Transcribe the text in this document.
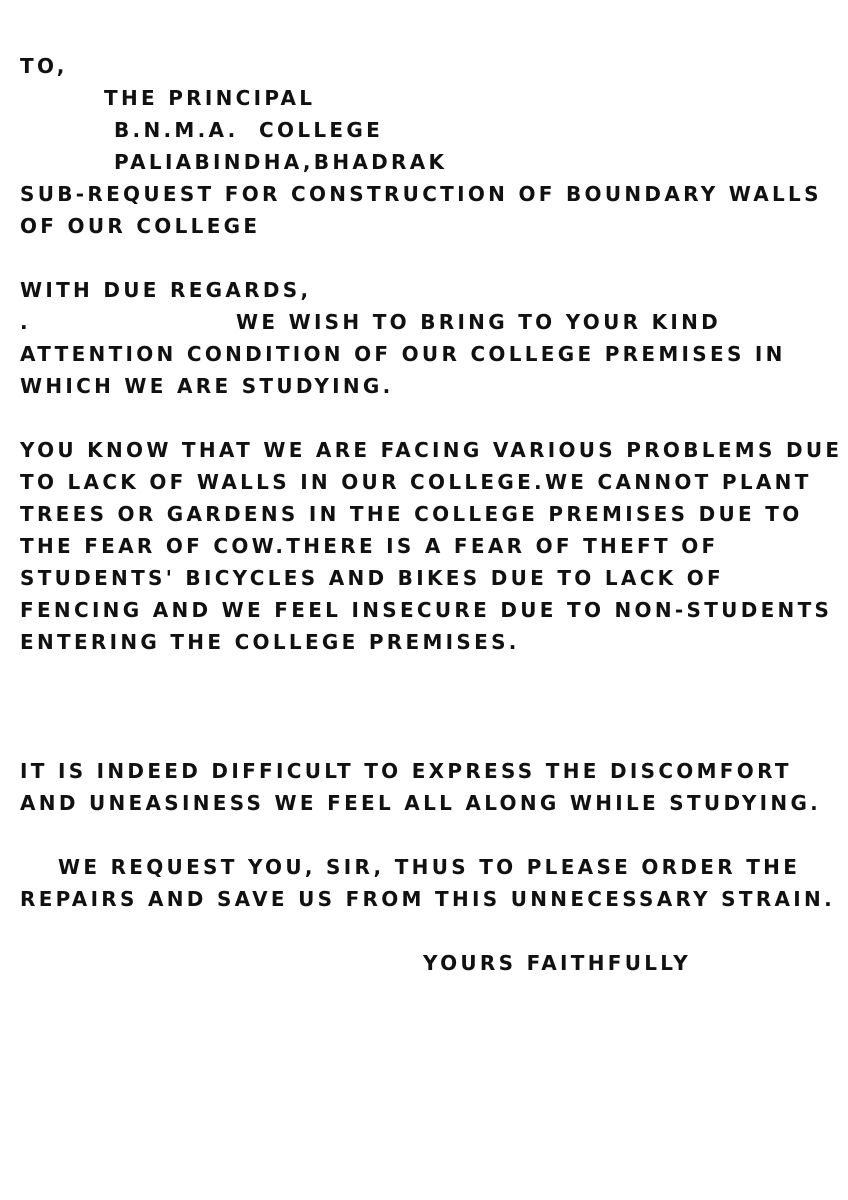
TO,

THE PRINCIPAL

B.N.M.A.  COLLEGE

PALIABINDHA,BHADRAK

SUB-REQUEST FOR CONSTRUCTION OF BOUNDARY WALLS

OF OUR COLLEGE

WITH DUE REGARDS,

.	WE WISH TO BRING TO YOUR KIND

ATTENTION CONDITION OF OUR COLLEGE PREMISES IN

WHICH WE ARE STUDYING.

YOU KNOW THAT WE ARE FACING VARIOUS PROBLEMS DUE

TO LACK OF WALLS IN OUR COLLEGE.WE CANNOT PLANT

TREES OR GARDENS IN THE COLLEGE PREMISES DUE TO

THE FEAR OF COW.THERE IS A FEAR OF THEFT OF

STUDENTS' BICYCLES AND BIKES DUE TO LACK OF

FENCING AND WE FEEL INSECURE DUE TO NON-STUDENTS

ENTERING THE COLLEGE PREMISES.

IT IS INDEED DIFFICULT TO EXPRESS THE DISCOMFORT

AND UNEASINESS WE FEEL ALL ALONG WHILE STUDYING.

WE REQUEST YOU, SIR, THUS TO PLEASE ORDER THE

REPAIRS AND SAVE US FROM THIS UNNECESSARY STRAIN.

YOURS FAITHFULLY
